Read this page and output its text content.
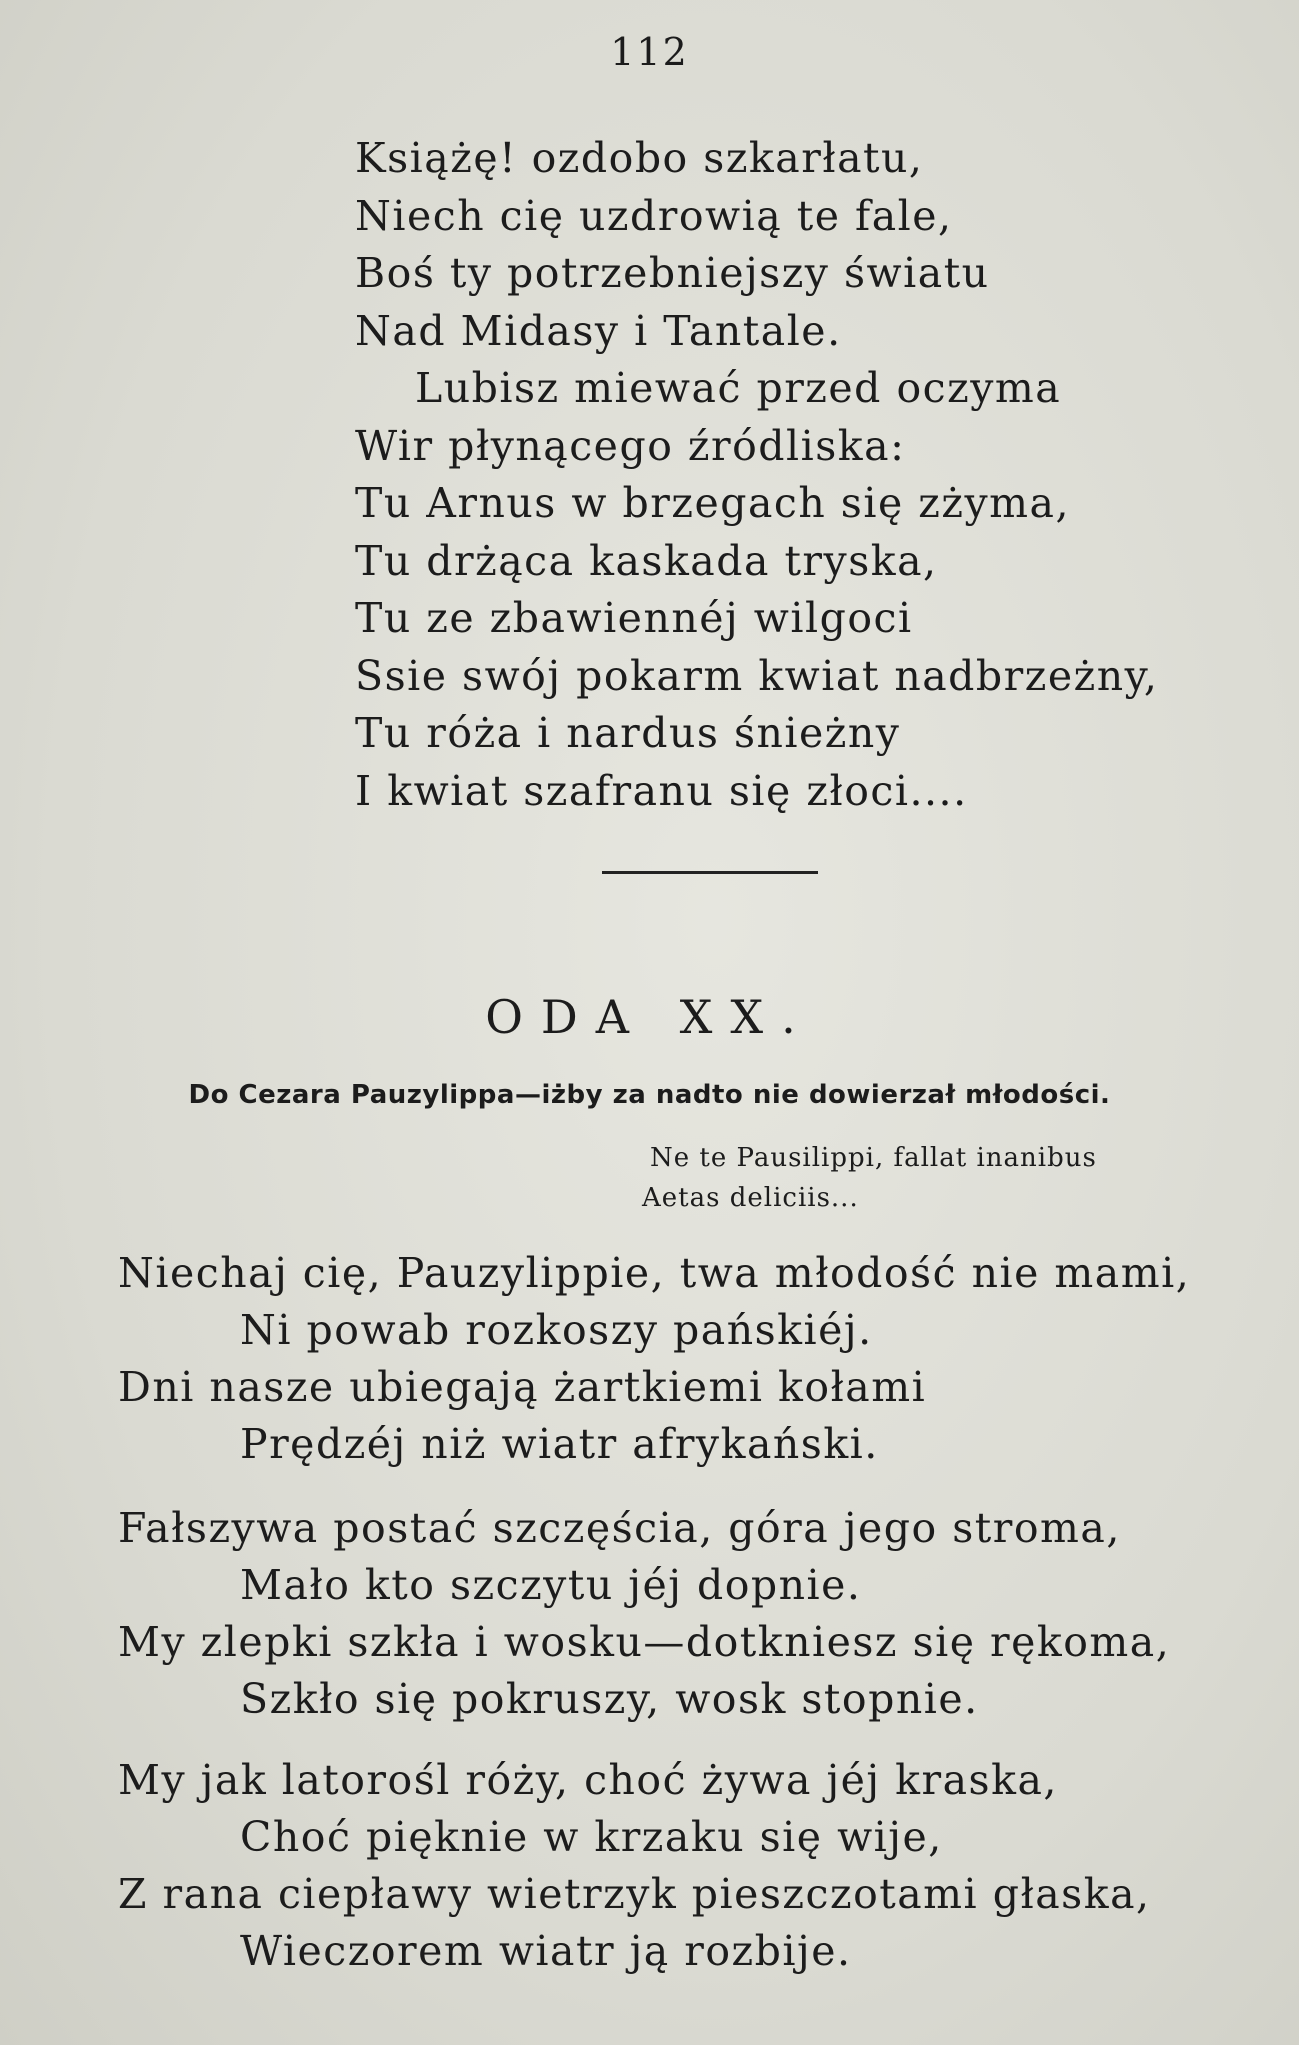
112
Książę! ozdobo szkarłatu,
Niech cię uzdrowią te fale,
Boś ty potrzebniejszy światu
Nad Midasy i Tantale.
Lubisz miewać przed oczyma
Wir płynącego źródliska:
Tu Arnus w brzegach się zżyma,
Tu drżąca kaskada tryska,
Tu ze zbawiennéj wilgoci
Ssie swój pokarm kwiat nadbrzeżny,
Tu róża i nardus śnieżny
I kwiat szafranu się złoci....
ODA XX.
Do Cezara Pauzylippa—iżby za nadto nie dowierzał młodości.
Ne te Pausilippi, fallat inanibus
Aetas deliciis...
Niechaj cię, Pauzylippie, twa młodość nie mami,
Ni powab rozkoszy pańskiéj.
Dni nasze ubiegają żartkiemi kołami
Prędzéj niż wiatr afrykański.
Fałszywa postać szczęścia, góra jego stroma,
Mało kto szczytu jéj dopnie.
My zlepki szkła i wosku—dotkniesz się rękoma,
Szkło się pokruszy, wosk stopnie.
My jak latorośl róży, choć żywa jéj kraska,
Choć pięknie w krzaku się wije,
Z rana ciepławy wietrzyk pieszczotami głaska,
Wieczorem wiatr ją rozbije.
